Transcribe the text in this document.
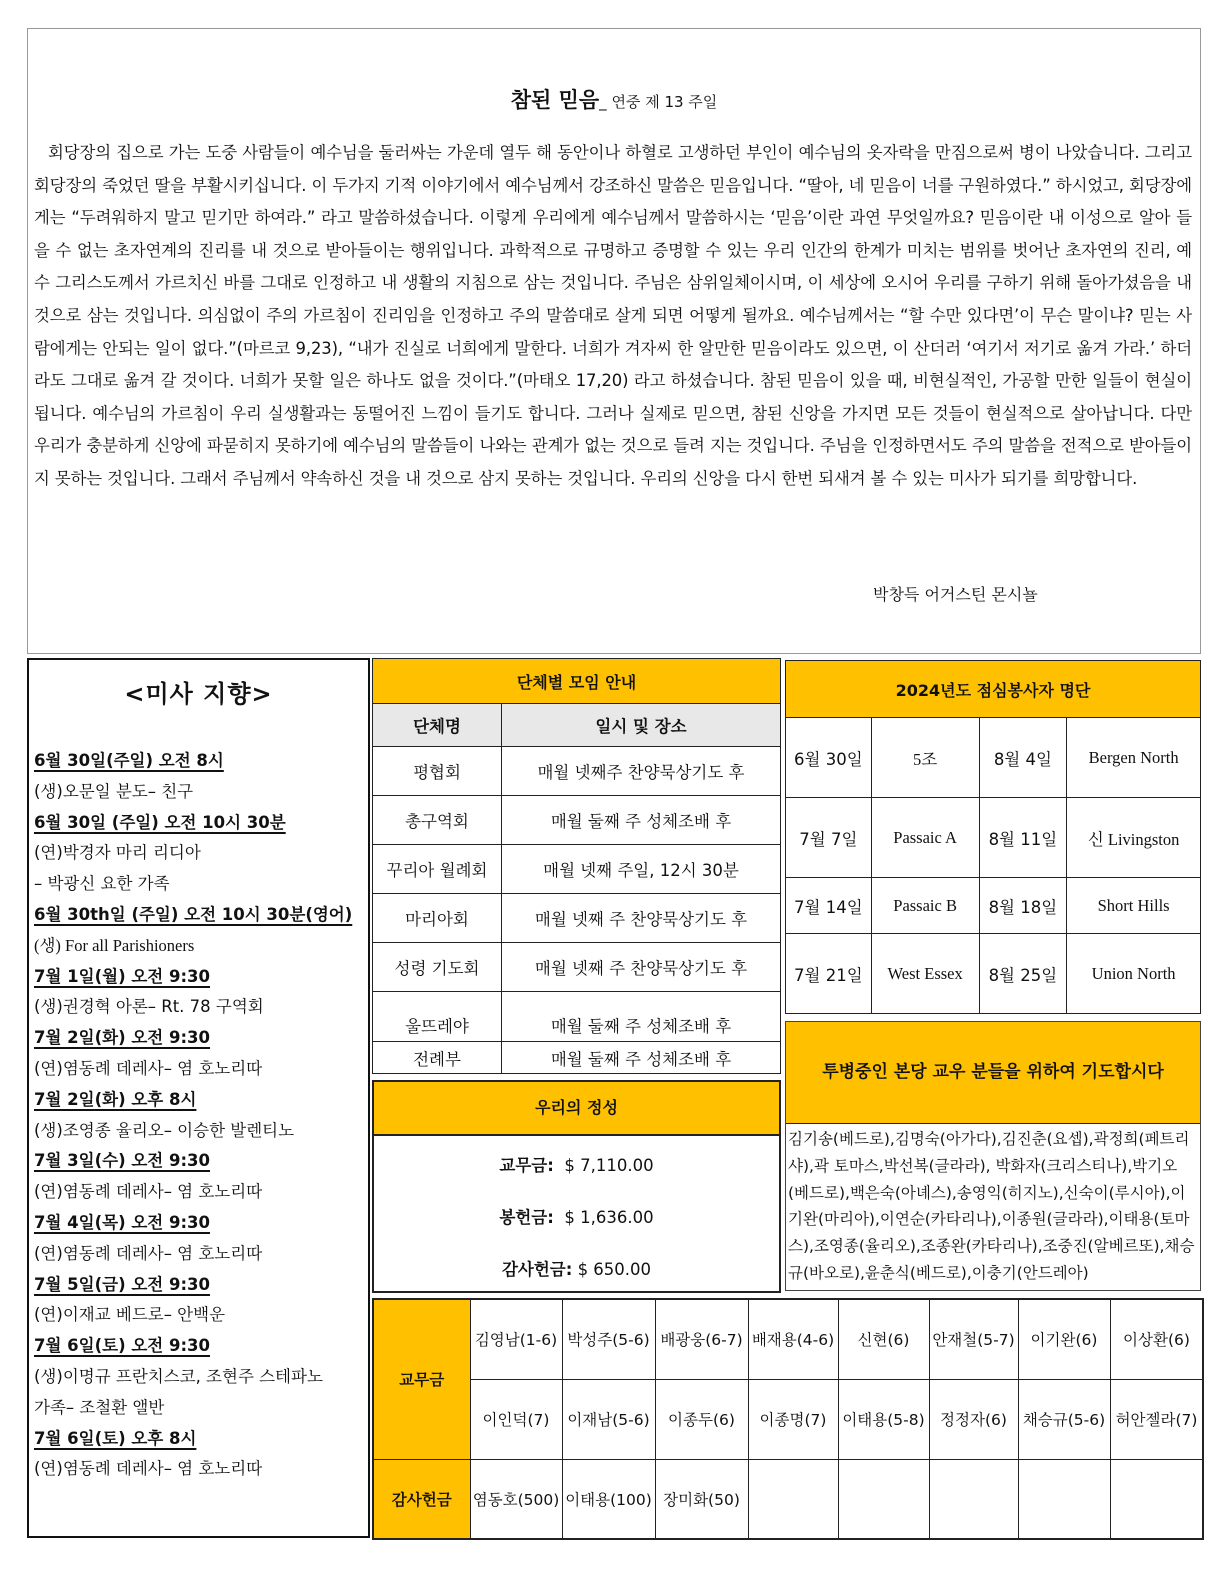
참된 믿음_ 연중 제 13 주일

회당장의 집으로 가는 도중 사람들이 예수님을 둘러싸는 가운데 열두 해 동안이나 하혈로 고생하던 부인이 예수님의 옷자락을 만짐으로써 병이 나았습니다. 그리고 회당장의 죽었던 딸을 부활시키십니다. 이 두가지 기적 이야기에서 예수님께서 강조하신 말씀은 믿음입니다. “딸아, 네 믿음이 너를 구원하였다.” 하시었고, 회당장에게는 “두려워하지 말고 믿기만 하여라.” 라고 말씀하셨습니다. 이렇게 우리에게 예수님께서 말씀하시는 ‘믿음’이란 과연 무엇일까요? 믿음이란 내 이성으로 알아 들을 수 없는 초자연계의 진리를 내 것으로 받아들이는 행위입니다. 과학적으로 규명하고 증명할 수 있는 우리 인간의 한계가 미치는 범위를 벗어난 초자연의 진리, 예수 그리스도께서 가르치신 바를 그대로 인정하고 내 생활의 지침으로 삼는 것입니다. 주님은 삼위일체이시며, 이 세상에 오시어 우리를 구하기 위해 돌아가셨음을 내 것으로 삼는 것입니다. 의심없이 주의 가르침이 진리임을 인정하고 주의 말씀대로 살게 되면 어떻게 될까요. 예수님께서는 “할 수만 있다면’이 무슨 말이냐? 믿는 사람에게는 안되는 일이 없다.”(마르코 9,23), “내가 진실로 너희에게 말한다. 너희가 겨자씨 한 알만한 믿음이라도 있으면, 이 산더러 ‘여기서 저기로 옮겨 가라.’ 하더라도 그대로 옮겨 갈 것이다. 너희가 못할 일은 하나도 없을 것이다.”(마태오 17,20) 라고 하셨습니다. 참된 믿음이 있을 때, 비현실적인, 가공할 만한 일들이 현실이 됩니다. 예수님의 가르침이 우리 실생활과는 동떨어진 느낌이 들기도 합니다. 그러나 실제로 믿으면, 참된 신앙을 가지면 모든 것들이 현실적으로 살아납니다. 다만 우리가 충분하게 신앙에 파묻히지 못하기에 예수님의 말씀들이 나와는 관계가 없는 것으로 들려 지는 것입니다. 주님을 인정하면서도 주의 말씀을 전적으로 받아들이지 못하는 것입니다. 그래서 주님께서 약속하신 것을 내 것으로 삼지 못하는 것입니다. 우리의 신앙을 다시 한번 되새겨 볼 수 있는 미사가 되기를 희망합니다.

박창득 어거스틴 몬시뇰
<미사 지향>
6월 30일(주일) 오전 8시
(생)오문일 분도– 친구
6월 30일 (주일) 오전 10시 30분
(연)박경자 마리 리디아
– 박광신 요한 가족
6월 30th일 (주일) 오전 10시 30분(영어)
(생) For all Parishioners
7월 1일(월) 오전 9:30
(생)권경혁 아론– Rt. 78 구역회
7월 2일(화) 오전 9:30
(연)염동례 데레사– 염 호노리따
7월 2일(화) 오후 8시
(생)조영종 율리오– 이승한 발렌티노
7월 3일(수) 오전 9:30
(연)염동례 데레사– 염 호노리따
7월 4일(목) 오전 9:30
(연)염동례 데레사– 염 호노리따
7월 5일(금) 오전 9:30
(연)이재교 베드로– 안백운
7월 6일(토) 오전 9:30
(생)이명규 프란치스코, 조현주 스테파노
가족– 조철환 앨반
7월 6일(토) 오후 8시
(연)염동례 데레사– 염 호노리따
단체별 모임 안내	
단체명	일시 및 장소
평협회	매월 넷째주 찬양묵상기도 후
총구역회	매월 둘째 주 성체조배 후
꾸리아 월례회	매월 넷째 주일, 12시 30분
마리아회	매월 넷째 주 찬양묵상기도 후
성령 기도회	매월 넷째 주 찬양묵상기도 후
울뜨레야	매월 둘째 주 성체조배 후
전례부	매월 둘째 주 성체조배 후
우리의 정성
교무금: $ 7,110.00
봉헌금: $ 1,636.00
감사헌금: $ 650.00
2024년도 점심봉사자 명단			
6월 30일	5조	8월 4일	Bergen North
7월 7일	Passaic A	8월 11일	신 Livingston
7월 14일	Passaic B	8월 18일	Short Hills
7월 21일	West Essex	8월 25일	Union North
투병중인 본당 교우 분들을 위하여 기도합시다
김기송(베드로),김명숙(아가다),김진춘(요셉),곽정희(페트리샤),곽 토마스,박선복(글라라), 박화자(크리스티나),박기오(베드로),백은숙(아녜스),송영익(히지노),신숙이(루시아),이기완(마리아),이연순(카타리나),이종원(글라라),이태용(토마스),조영종(율리오),조종완(카타리나),조중진(알베르또),채승규(바오로),윤춘식(베드로),이충기(안드레아)
교무금	김영남(1-6)	박성주(5-6)	배광웅(6-7)	배재용(4-6)	신현(6)	안재철(5-7)	이기완(6)	이상환(6)	
	이인덕(7)	이재남(5-6)	이종두(6)	이종명(7)	이태용(5-8)	정정자(6)	채승규(5-6)	허안젤라(7)	
감사헌금	염동호(500)	이태용(100)	장미화(50)						
